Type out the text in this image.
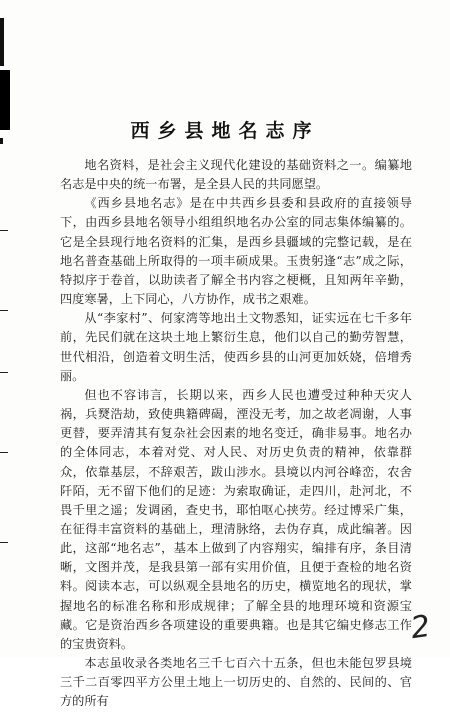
西乡县地名志序

地名资料，是社会主义现代化建设的基础资料之一。编纂地名志是中央的统一布署，是全县人民的共同愿望。

《西乡县地名志》是在中共西乡县委和县政府的直接领导下，由西乡县地名领导小组组织地名办公室的同志集体编纂的。它是全县现行地名资料的汇集，是西乡县疆域的完整记载，是在地名普查基础上所取得的一项丰硕成果。玉贵躬逢“志”成之际，特拟序于卷首，以助读者了解全书内容之梗概，且知两年辛勤，四度寒暑，上下同心，八方协作，成书之艰难。

从“李家村”、何家湾等地出土文物悉知，证实远在七千多年前，先民们就在这块土地上繁衍生息，他们以自己的勤劳智慧，世代相沿，创造着文明生活，使西乡县的山河更加妖娆，倍增秀丽。

但也不容讳言，长期以来，西乡人民也遭受过种种天灾人祸，兵燹浩劫，致使典籍碑碣，湮没无考，加之故老凋谢，人事更替，要弄清其有复杂社会因素的地名变迁，确非易事。地名办的全体同志，本着对党、对人民、对历史负责的精神，依靠群众，依靠基层，不辞艰苦，跋山涉水。县境以内河谷峰峦，农舍阡陌，无不留下他们的足迹：为索取确证，走四川，赴河北，不畏千里之遥；发调函，查史书，耶怕呕心挟劳。经过博采广集，在征得丰富资料的基础上，理清脉络，去伪存真，成此编著。因此，这部“地名志”，基本上做到了内容翔实，编排有序，条目清晰，文图并茂，是我县第一部有实用价值，且便于查检的地名资料。阅读本志，可以纵观全县地名的历史，横览地名的现状，掌握地名的标准名称和形成规律；了解全县的地理环境和资源宝藏。它是资治西乡各项建设的重要典籍。也是其它编史修志工作的宝贵资料。

本志虽收录各类地名三千七百六十五条，但也未能包罗县境三千二百零四平方公里土地上一切历史的、自然的、民间的、官方的所有

2
